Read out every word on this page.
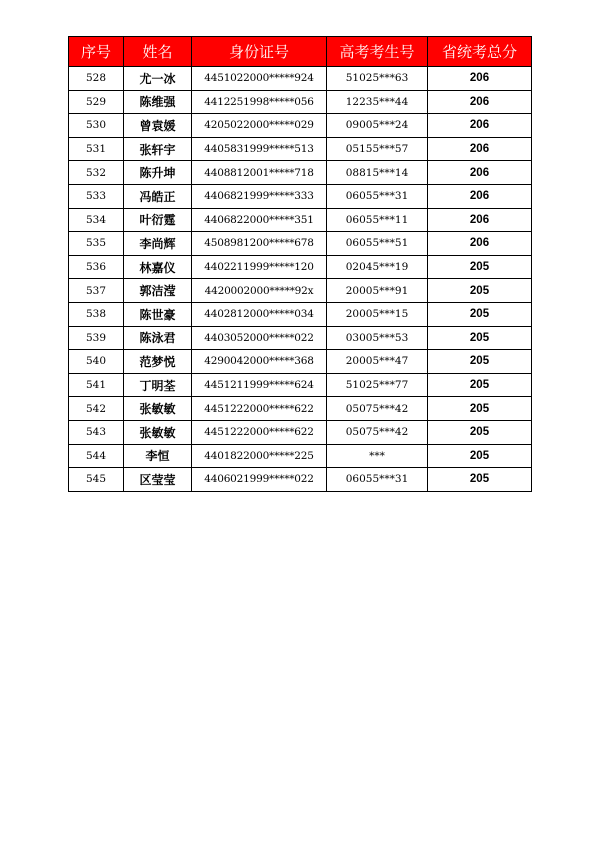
序号	姓名	身份证号	高考考生号	省统考总分
528	尤一冰	4451022000*****924	51025***63	206
529	陈维强	4412251998*****056	12235***44	206
530	曾袁媛	4205022000*****029	09005***24	206
531	张轩宇	4405831999*****513	05155***57	206
532	陈升坤	4408812001*****718	08815***14	206
533	冯皓正	4406821999*****333	06055***31	206
534	叶衍霆	4406822000*****351	06055***11	206
535	李尚辉	4508981200*****678	06055***51	206
536	林嘉仪	4402211999*****120	02045***19	205
537	郭洁滢	4420002000*****92x	20005***91	205
538	陈世豪	4402812000*****034	20005***15	205
539	陈泳君	4403052000*****022	03005***53	205
540	范梦悦	4290042000*****368	20005***47	205
541	丁明荃	4451211999*****624	51025***77	205
542	张敏敏	4451222000*****622	05075***42	205
543	张敏敏	4451222000*****622	05075***42	205
544	李恒	4401822000*****225	***	205
545	区莹莹	4406021999*****022	06055***31	205
